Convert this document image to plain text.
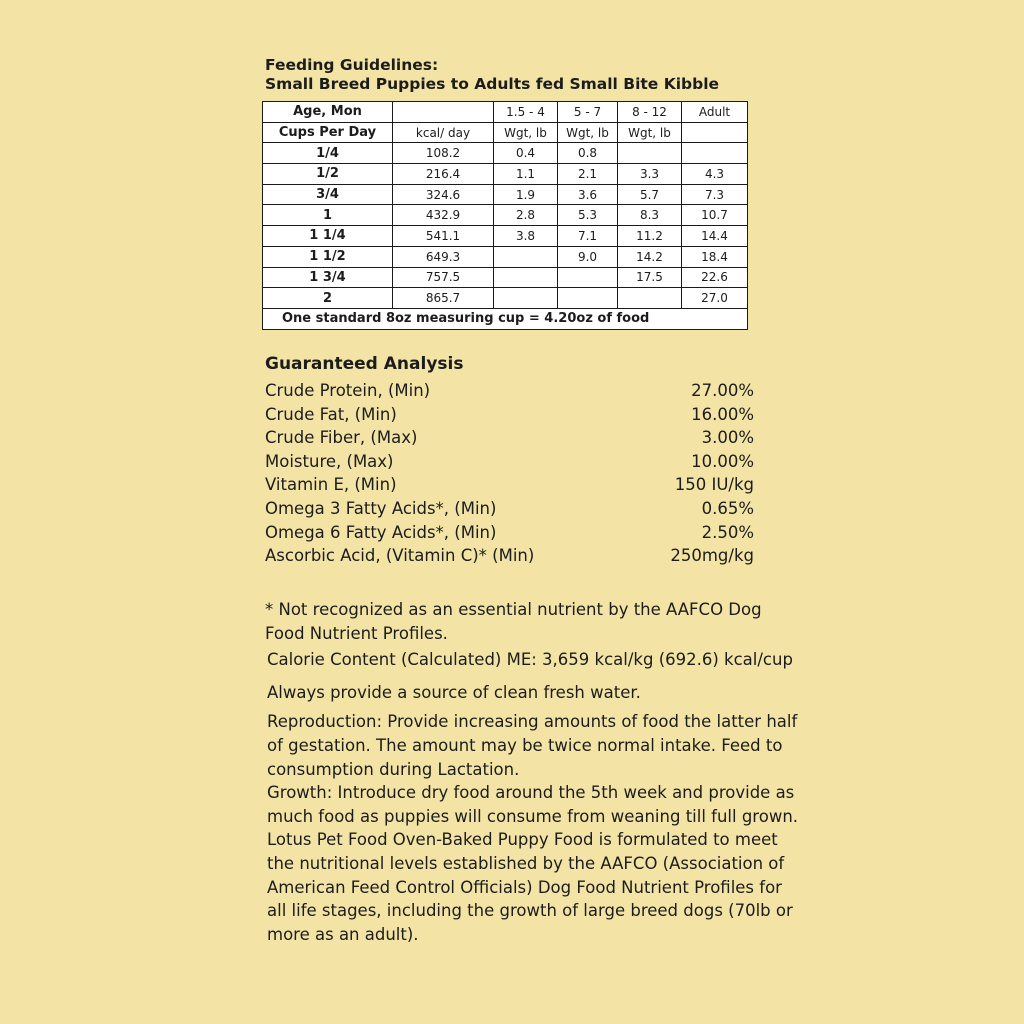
Feeding Guidelines:
Small Breed Puppies to Adults fed Small Bite Kibble
Age, Mon		1.5 - 4	5 - 7	8 - 12	Adult
Cups Per Day	kcal/ day	Wgt, lb	Wgt, lb	Wgt, lb	
1/4	108.2	0.4	0.8		
1/2	216.4	1.1	2.1	3.3	4.3
3/4	324.6	1.9	3.6	5.7	7.3
1	432.9	2.8	5.3	8.3	10.7
1 1/4	541.1	3.8	7.1	11.2	14.4
1 1/2	649.3		9.0	14.2	18.4
1 3/4	757.5			17.5	22.6
2	865.7				27.0
One standard 8oz measuring cup = 4.20oz of food					
Guaranteed Analysis
Crude Protein, (Min)	27.00%
Crude Fat, (Min)	16.00%
Crude Fiber, (Max)	3.00%
Moisture, (Max)	10.00%
Vitamin E, (Min)	150 IU/kg
Omega 3 Fatty Acids*, (Min)	0.65%
Omega 6 Fatty Acids*, (Min)	2.50%
Ascorbic Acid, (Vitamin C)* (Min)	250mg/kg

* Not recognized as an essential nutrient by the AAFCO Dog Food Nutrient Profiles.

Calorie Content (Calculated) ME: 3,659 kcal/kg (692.6) kcal/cup

Always provide a source of clean fresh water.

Reproduction: Provide increasing amounts of food the latter half of gestation. The amount may be twice normal intake. Feed to consumption during Lactation.

Growth: Introduce dry food around the 5th week and provide as much food as puppies will consume from weaning till full grown.

Lotus Pet Food Oven-Baked Puppy Food is formulated to meet the nutritional levels established by the AAFCO (Association of American Feed Control Officials) Dog Food Nutrient Profiles for all life stages, including the growth of large breed dogs (70lb or more as an adult).
